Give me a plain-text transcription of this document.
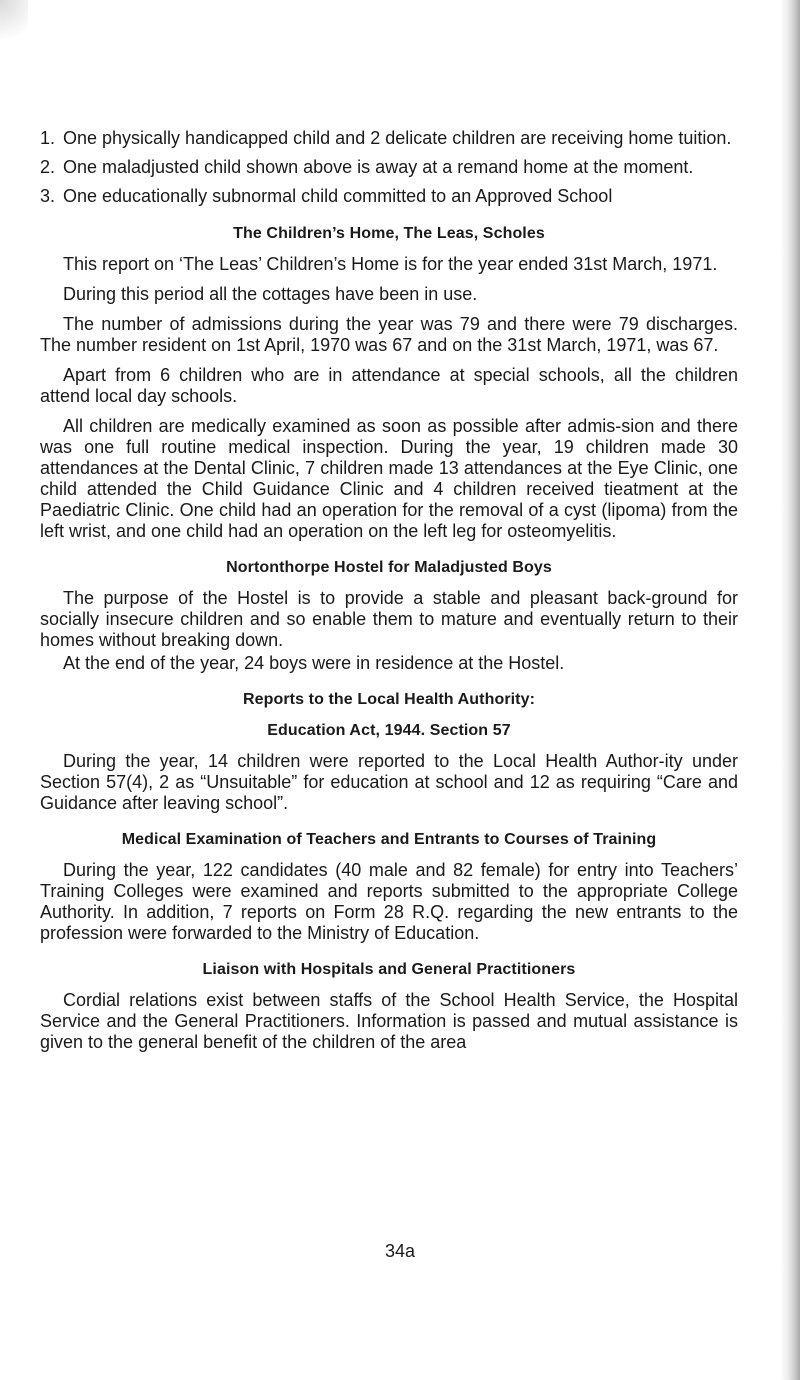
1. One physically handicapped child and 2 delicate children are receiving home tuition.
2. One maladjusted child shown above is away at a remand home at the moment.
3. One educationally subnormal child committed to an Approved School
The Children’s Home, The Leas, Scholes

This report on ‘The Leas’ Children’s Home is for the year ended 31st March, 1971.

During this period all the cottages have been in use.

The number of admissions during the year was 79 and there were 79 discharges. The number resident on 1st April, 1970 was 67 and on the 31st March, 1971, was 67.

Apart from 6 children who are in attendance at special schools, all the children attend local day schools.

All children are medically examined as soon as possible after admis-sion and there was one full routine medical inspection. During the year, 19 children made 30 attendances at the Dental Clinic, 7 children made 13 attendances at the Eye Clinic, one child attended the Child Guidance Clinic and 4 children received tieatment at the Paediatric Clinic. One child had an operation for the removal of a cyst (lipoma) from the left wrist, and one child had an operation on the left leg for osteomyelitis.

Nortonthorpe Hostel for Maladjusted Boys

The purpose of the Hostel is to provide a stable and pleasant back-ground for socially insecure children and so enable them to mature and eventually return to their homes without breaking down.

At the end of the year, 24 boys were in residence at the Hostel.

Reports to the Local Health Authority:
Education Act, 1944. Section 57

During the year, 14 children were reported to the Local Health Author-ity under Section 57(4), 2 as “Unsuitable” for education at school and 12 as requiring “Care and Guidance after leaving school”.

Medical Examination of Teachers and Entrants to Courses of Training

During the year, 122 candidates (40 male and 82 female) for entry into Teachers’ Training Colleges were examined and reports submitted to the appropriate College Authority. In addition, 7 reports on Form 28 R.Q. regarding the new entrants to the profession were forwarded to the Ministry of Education.

Liaison with Hospitals and General Practitioners

Cordial relations exist between staffs of the School Health Service, the Hospital Service and the General Practitioners. Information is passed and mutual assistance is given to the general benefit of the children of the area

34a
